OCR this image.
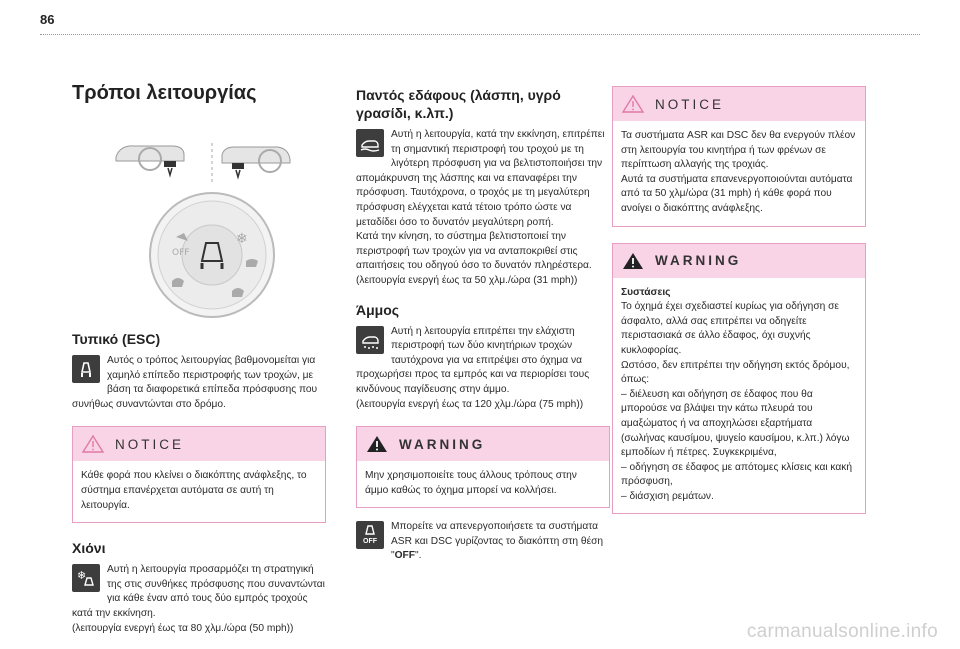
86
Τρόποι λειτουργίας
OFF
❄
Τυπικό (ESC)

Αυτός ο τρόπος λειτουργίας βαθμονομείται για χαμηλό επίπεδο περιστροφής των τροχών, με βάση τα διαφορετικά επίπεδα πρόσφυσης που συνήθως συναντώνται στο δρόμο.

NOTICE

Κάθε φορά που κλείνει ο διακόπτης ανάφλεξης, το σύστημα επανέρχεται αυτόματα σε αυτή τη λειτουργία.

Χιόνι
❄	Αυτή η λειτουργία προσαρμόζει τη στρατηγική της στις συνθήκες πρόσφυσης που συναντώνται για κάθε έναν από τους δύο εμπρός τροχούς κατά την εκκίνηση.

(λειτουργία ενεργή έως τα 80 χλμ./ώρα (50 mph))

Παντός εδάφους (λάσπη, υγρό γρασίδι, κ.λπ.)

Αυτή η λειτουργία, κατά την εκκίνηση, επιτρέπει τη σημαντική περιστροφή του τροχού με τη λιγότερη πρόσφυση για να βελτιστοποιήσει την απομάκρυνση της λάσπης και να επαναφέρει την πρόσφυση. Ταυτόχρονα, ο τροχός με τη μεγαλύτερη πρόσφυση ελέγχεται κατά τέτοιο τρόπο ώστε να μεταδίδει όσο το δυνατόν μεγαλύτερη ροπή.

Κατά την κίνηση, το σύστημα βελτιστοποιεί την περιστροφή των τροχών για να ανταποκριθεί στις απαιτήσεις του οδηγού όσο το δυνατόν πληρέστερα.

(λειτουργία ενεργή έως τα 50 χλμ./ώρα (31 mph))

Άμμος

Αυτή η λειτουργία επιτρέπει την ελάχιστη περιστροφή των δύο κινητήριων τροχών ταυτόχρονα για να επιτρέψει στο όχημα να προχωρήσει προς τα εμπρός και να περιορίσει τους κινδύνους παγίδευσης στην άμμο.

(λειτουργία ενεργή έως τα 120 χλμ./ώρα (75 mph))

WARNING

Μην χρησιμοποιείτε τους άλλους τρόπους στην άμμο καθώς το όχημα μπορεί να κολλήσει.

OFF

Μπορείτε να απενεργοποιήσετε τα συστήματα ASR και DSC γυρίζοντας το διακόπτη στη θέση "OFF".

NOTICE

Τα συστήματα ASR και DSC δεν θα ενεργούν πλέον στη λειτουργία του κινητήρα ή των φρένων σε περίπτωση αλλαγής της τροχιάς.

Αυτά τα συστήματα επανενεργοποιούνται αυτόματα από τα 50 χλμ/ώρα (31 mph) ή κάθε φορά που ανοίγει ο διακόπτης ανάφλεξης.

WARNING

Συστάσεις

Το όχημά έχει σχεδιαστεί κυρίως για οδήγηση σε άσφαλτο, αλλά σας επιτρέπει να οδηγείτε περιστασιακά σε άλλο έδαφος, όχι συχνής κυκλοφορίας.

Ωστόσο, δεν επιτρέπει την οδήγηση εκτός δρόμου, όπως:

– διέλευση και οδήγηση σε έδαφος που θα μπορούσε να βλάψει την κάτω πλευρά του αμαξώματος ή να αποχηλώσει εξαρτήματα (σωλήνας καυσίμου, ψυγείο καυσίμου, κ.λπ.) λόγω εμποδίων ή πέτρες. Συγκεκριμένα,

– οδήγηση σε έδαφος με απότομες κλίσεις και κακή πρόσφυση,

– διάσχιση ρεμάτων.

carmanualsonline.info
